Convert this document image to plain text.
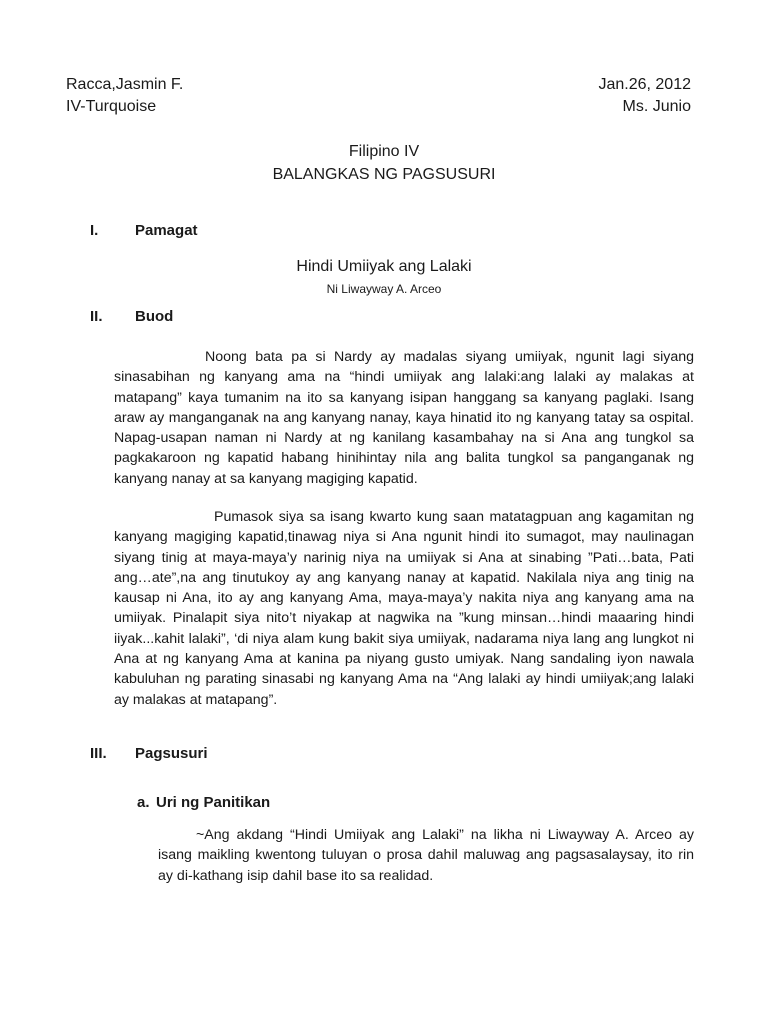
Racca,Jasmin F.
IV-Turquoise
Jan.26, 2012
Ms. Junio
Filipino IV
BALANGKAS NG PAGSUSURI
I. Pamagat
Hindi Umiiyak ang Lalaki
Ni Liwayway A. Arceo
II. Buod
Noong bata pa si Nardy ay madalas siyang umiiyak, ngunit lagi siyang sinasabihan ng kanyang ama na “hindi umiiyak ang lalaki:ang lalaki ay malakas at matapang” kaya tumanim na ito sa kanyang isipan hanggang sa kanyang paglaki. Isang araw ay manganganak na ang kanyang nanay, kaya hinatid ito ng kanyang tatay sa ospital. Napag-usapan naman ni Nardy at ng kanilang kasambahay na si Ana ang tungkol sa pagkakaroon ng kapatid habang hinihintay nila ang balita tungkol sa panganganak ng kanyang nanay at sa kanyang magiging kapatid.
Pumasok siya sa isang kwarto kung saan matatagpuan ang kagamitan ng kanyang magiging kapatid,tinawag niya si Ana ngunit hindi ito sumagot, may naulinagan siyang tinig at maya-maya’y narinig niya na umiiyak si Ana at sinabing ”Pati…bata, Pati ang…ate”,na ang tinutukoy ay ang kanyang nanay at kapatid. Nakilala niya ang tinig na kausap ni Ana, ito ay ang kanyang Ama, maya-maya’y nakita niya ang kanyang ama na umiiyak. Pinalapit siya nito’t niyakap at nagwika na ”kung minsan…hindi maaaring hindi iiyak...kahit lalaki”, ‘di niya alam kung bakit siya umiiyak, nadarama niya lang ang lungkot ni Ana at ng kanyang Ama at kanina pa niyang gusto umiyak. Nang sandaling iyon nawala kabuluhan ng parating sinasabi ng kanyang Ama na “Ang lalaki ay hindi umiiyak;ang lalaki ay malakas at matapang”.
III. Pagsusuri
a. Uri ng Panitikan
~Ang akdang “Hindi Umiiyak ang Lalaki” na likha ni Liwayway A. Arceo ay isang maikling kwentong tuluyan o prosa dahil maluwag ang pagsasalaysay, ito rin ay di-kathang isip dahil base ito sa realidad.
